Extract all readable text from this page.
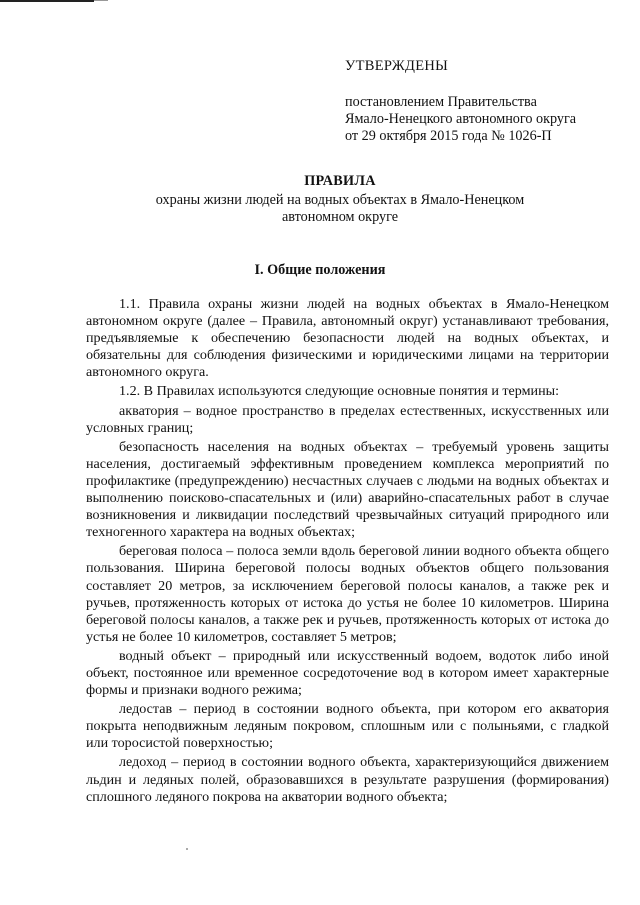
УТВЕРЖДЕНЫ
постановлением Правительства
Ямало-Ненецкого автономного округа
от 29 октября 2015 года № 1026-П
ПРАВИЛА
охраны жизни людей на водных объектах в Ямало-Ненецком
автономном округе
I. Общие положения

1.1. Правила охраны жизни людей на водных объектах в Ямало-Ненецком автономном округе (далее – Правила, автономный округ) устанавливают требования, предъявляемые к обеспечению безопасности людей на водных объектах, и обязательны для соблюдения физическими и юридическими лицами на территории автономного округа.

1.2. В Правилах используются следующие основные понятия и термины:

акватория – водное пространство в пределах естественных, искусственных или условных границ;

безопасность населения на водных объектах – требуемый уровень защиты населения, достигаемый эффективным проведением комплекса мероприятий по профилактике (предупреждению) несчастных случаев с людьми на водных объектах и выполнению поисково-спасательных и (или) аварийно-спасательных работ в случае возникновения и ликвидации последствий чрезвычайных ситуаций природного или техногенного характера на водных объектах;

береговая полоса – полоса земли вдоль береговой линии водного объекта общего пользования. Ширина береговой полосы водных объектов общего пользования составляет 20 метров, за исключением береговой полосы каналов, а также рек и ручьев, протяженность которых от истока до устья не более 10 километров. Ширина береговой полосы каналов, а также рек и ручьев, протяженность которых от истока до устья не более 10 километров, составляет 5 метров;

водный объект – природный или искусственный водоем, водоток либо иной объект, постоянное или временное сосредоточение вод в котором имеет характерные формы и признаки водного режима;

ледостав – период в состоянии водного объекта, при котором его акватория покрыта неподвижным ледяным покровом, сплошным или с полыньями, с гладкой или торосистой поверхностью;

ледоход – период в состоянии водного объекта, характеризующийся движением льдин и ледяных полей, образовавшихся в результате разрушения (формирования) сплошного ледяного покрова на акватории водного объекта;
